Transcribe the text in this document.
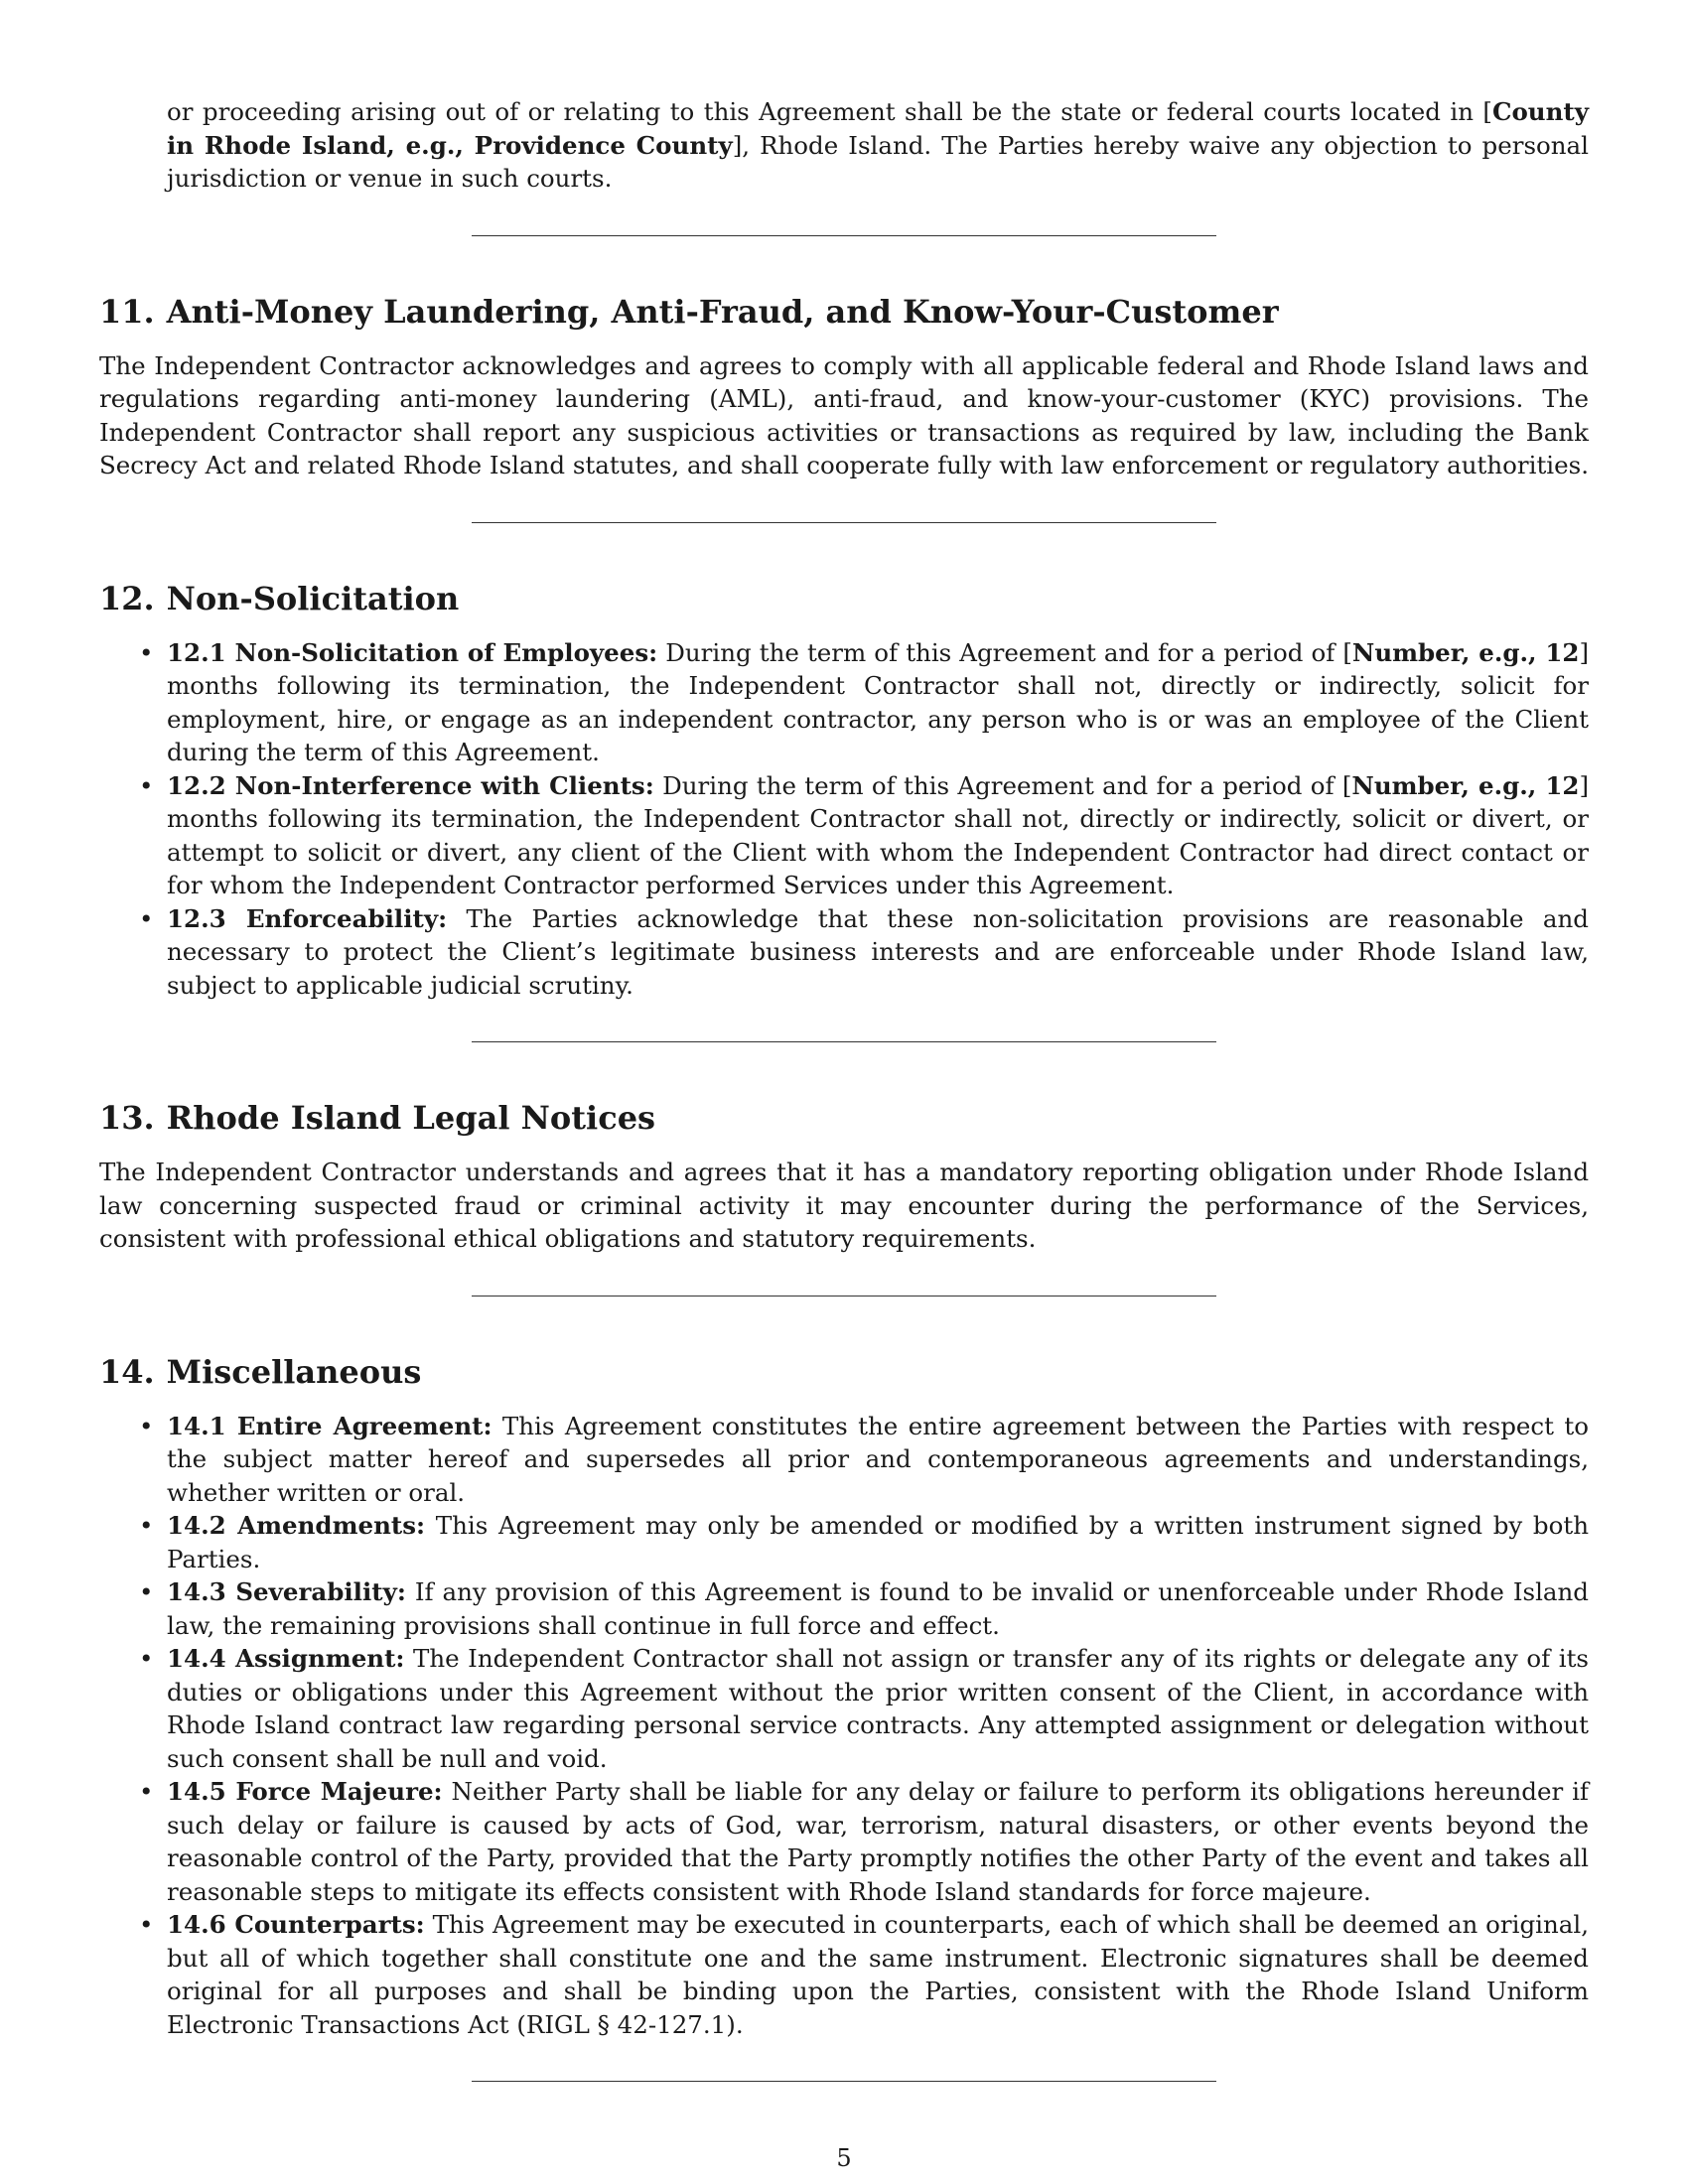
or proceeding arising out of or relating to this Agreement shall be the state or federal courts located in [County in Rhode Island, e.g., Providence County], Rhode Island. The Parties hereby waive any objection to personal jurisdiction or venue in such courts.

11. Anti-Money Laundering, Anti-Fraud, and Know-Your-Customer

The Independent Contractor acknowledges and agrees to comply with all applicable federal and Rhode Island laws and regulations regarding anti-money laundering (AML), anti-fraud, and know-your-customer (KYC) provisions. The Independent Contractor shall report any suspicious activities or transactions as required by law, including the Bank Secrecy Act and related Rhode Island statutes, and shall cooperate fully with law enforcement or regulatory authorities.

12. Non-Solicitation
• 12.1 Non-Solicitation of Employees: During the term of this Agreement and for a period of [Number, e.g., 12] months following its termination, the Independent Contractor shall not, directly or indirectly, solicit for employment, hire, or engage as an independent contractor, any person who is or was an employee of the Client during the term of this Agreement.
• 12.2 Non-Interference with Clients: During the term of this Agreement and for a period of [Number, e.g., 12] months following its termination, the Independent Contractor shall not, directly or indirectly, solicit or divert, or attempt to solicit or divert, any client of the Client with whom the Independent Contractor had direct contact or for whom the Independent Contractor performed Services under this Agreement.
• 12.3 Enforceability: The Parties acknowledge that these non-solicitation provisions are reasonable and necessary to protect the Client’s legitimate business interests and are enforceable under Rhode Island law, subject to applicable judicial scrutiny.
13. Rhode Island Legal Notices

The Independent Contractor understands and agrees that it has a mandatory reporting obligation under Rhode Island law concerning suspected fraud or criminal activity it may encounter during the performance of the Services, consistent with professional ethical obligations and statutory requirements.

14. Miscellaneous
• 14.1 Entire Agreement: This Agreement constitutes the entire agreement between the Parties with respect to the subject matter hereof and supersedes all prior and contemporaneous agreements and understandings, whether written or oral.
• 14.2 Amendments: This Agreement may only be amended or modified by a written instrument signed by both Parties.
• 14.3 Severability: If any provision of this Agreement is found to be invalid or unenforceable under Rhode Island law, the remaining provisions shall continue in full force and effect.
• 14.4 Assignment: The Independent Contractor shall not assign or transfer any of its rights or delegate any of its duties or obligations under this Agreement without the prior written consent of the Client, in accordance with Rhode Island contract law regarding personal service contracts. Any attempted assignment or delegation without such consent shall be null and void.
• 14.5 Force Majeure: Neither Party shall be liable for any delay or failure to perform its obligations hereunder if such delay or failure is caused by acts of God, war, terrorism, natural disasters, or other events beyond the reasonable control of the Party, provided that the Party promptly notifies the other Party of the event and takes all reasonable steps to mitigate its effects consistent with Rhode Island standards for force majeure.
• 14.6 Counterparts: This Agreement may be executed in counterparts, each of which shall be deemed an original, but all of which together shall constitute one and the same instrument. Electronic signatures shall be deemed original for all purposes and shall be binding upon the Parties, consistent with the Rhode Island Uniform Electronic Transactions Act (RIGL § 42-127.1).
5
